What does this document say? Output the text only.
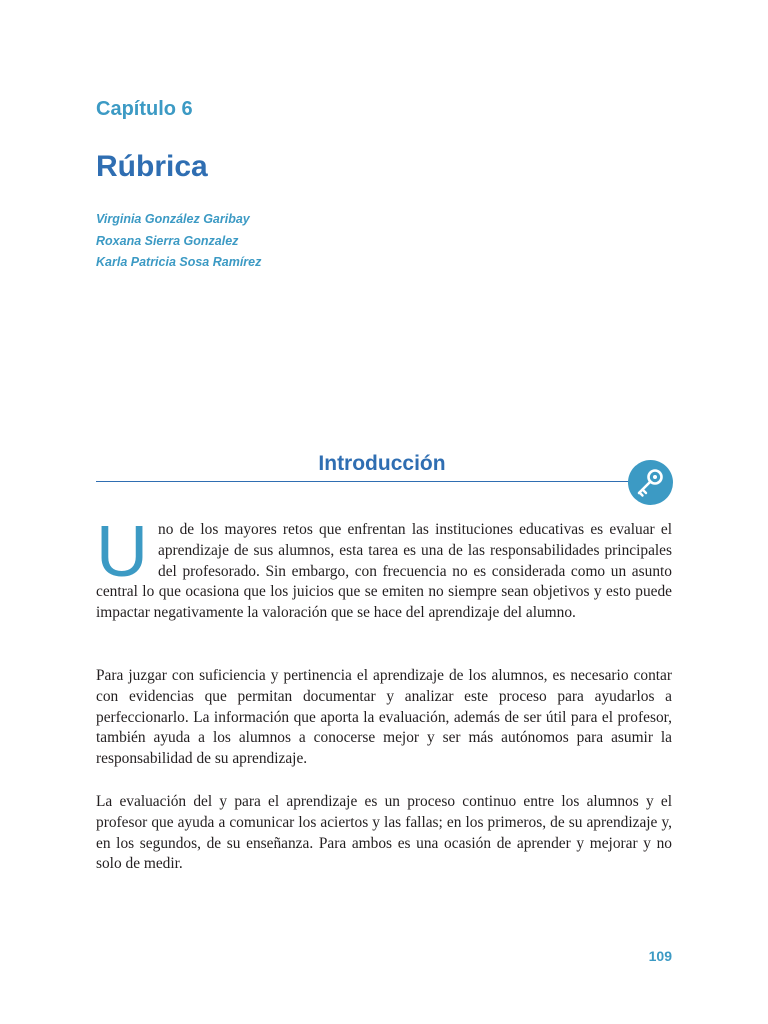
Capítulo 6
Rúbrica
Virginia González Garibay
Roxana Sierra Gonzalez
Karla Patricia Sosa Ramírez
Introducción

Uno de los mayores retos que enfrentan las instituciones educativas es evaluar el aprendizaje de sus alumnos, esta tarea es una de las responsabilidades principales del profesorado. Sin embargo, con frecuencia no es considerada como un asunto central lo que ocasiona que los juicios que se emiten no siempre sean objetivos y esto puede impactar negativamente la valoración que se hace del aprendizaje del alumno.

Para juzgar con suficiencia y pertinencia el aprendizaje de los alumnos, es necesario contar con evidencias que permitan documentar y analizar este proceso para ayudarlos a perfeccionarlo. La información que aporta la evaluación, además de ser útil para el profesor, también ayuda a los alumnos a conocerse mejor y ser más autónomos para asumir la responsabilidad de su aprendizaje.

La evaluación del y para el aprendizaje es un proceso continuo entre los alumnos y el profesor que ayuda a comunicar los aciertos y las fallas; en los primeros, de su aprendizaje y, en los segundos, de su enseñanza. Para ambos es una ocasión de aprender y mejorar y no solo de medir.

109
